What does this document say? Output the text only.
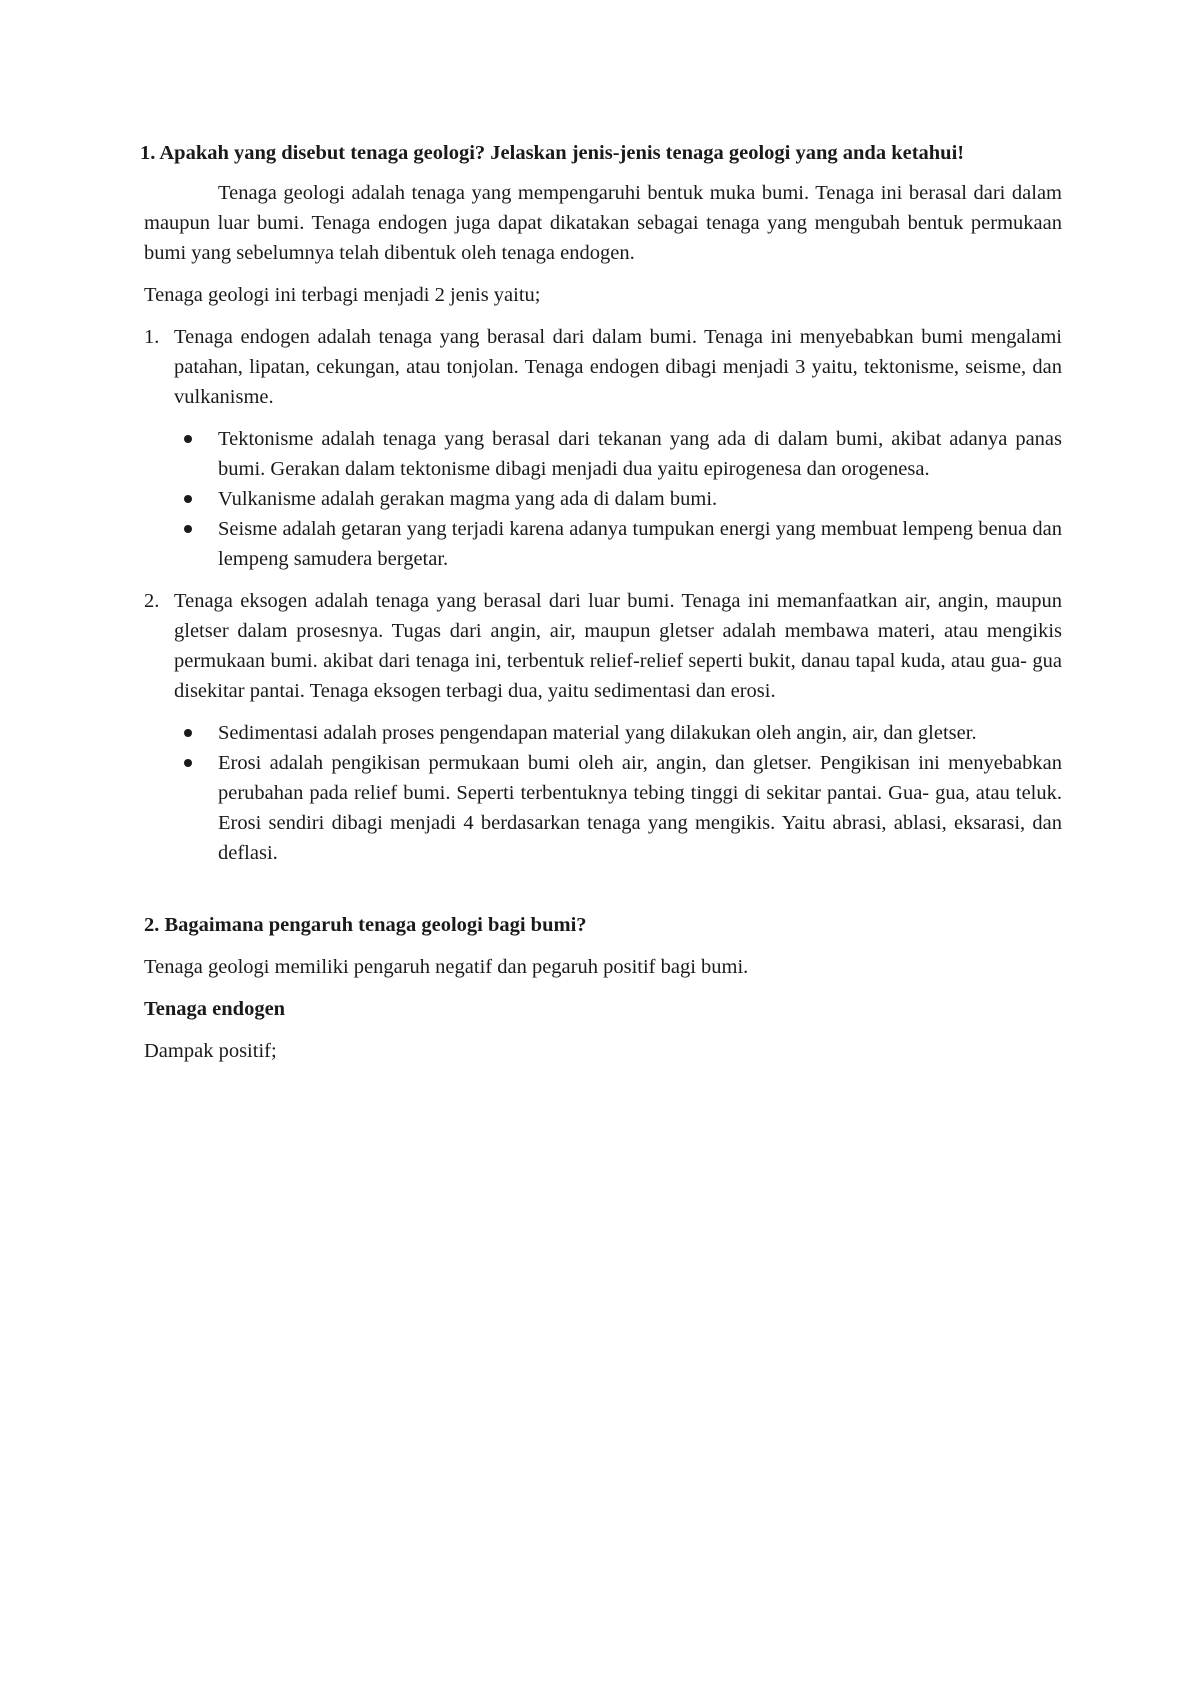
1. Apakah yang disebut tenaga geologi? Jelaskan jenis-jenis tenaga geologi yang anda ketahui!

Tenaga geologi adalah tenaga yang mempengaruhi bentuk muka bumi. Tenaga ini berasal dari dalam maupun luar bumi. Tenaga endogen juga dapat dikatakan sebagai tenaga yang mengubah bentuk permukaan bumi yang sebelumnya telah dibentuk oleh tenaga endogen.

Tenaga geologi ini terbagi menjadi 2 jenis yaitu;

1. Tenaga endogen adalah tenaga yang berasal dari dalam bumi. Tenaga ini menyebabkan bumi mengalami patahan, lipatan, cekungan, atau tonjolan. Tenaga endogen dibagi menjadi 3 yaitu, tektonisme, seisme, dan vulkanisme.
Tektonisme adalah tenaga yang berasal dari tekanan yang ada di dalam bumi, akibat adanya panas bumi. Gerakan dalam tektonisme dibagi menjadi dua yaitu epirogenesa dan orogenesa.
Vulkanisme adalah gerakan magma yang ada di dalam bumi.
Seisme adalah getaran yang terjadi karena adanya tumpukan energi yang membuat lempeng benua dan lempeng samudera bergetar.
2. Tenaga eksogen adalah tenaga yang berasal dari luar bumi. Tenaga ini memanfaatkan air, angin, maupun gletser dalam prosesnya. Tugas dari angin, air, maupun gletser adalah membawa materi, atau mengikis permukaan bumi. akibat dari tenaga ini, terbentuk relief-relief seperti bukit, danau tapal kuda, atau gua- gua disekitar pantai. Tenaga eksogen terbagi dua, yaitu sedimentasi dan erosi.
Sedimentasi adalah proses pengendapan material yang dilakukan oleh angin, air, dan gletser.
Erosi adalah pengikisan permukaan bumi oleh air, angin, dan gletser. Pengikisan ini menyebabkan perubahan pada relief bumi. Seperti terbentuknya tebing tinggi di sekitar pantai. Gua- gua, atau teluk. Erosi sendiri dibagi menjadi 4 berdasarkan tenaga yang mengikis. Yaitu abrasi, ablasi, eksarasi, dan deflasi.

2. Bagaimana pengaruh tenaga geologi bagi bumi?

Tenaga geologi memiliki pengaruh negatif dan pegaruh positif bagi bumi.

Tenaga endogen

Dampak positif;
